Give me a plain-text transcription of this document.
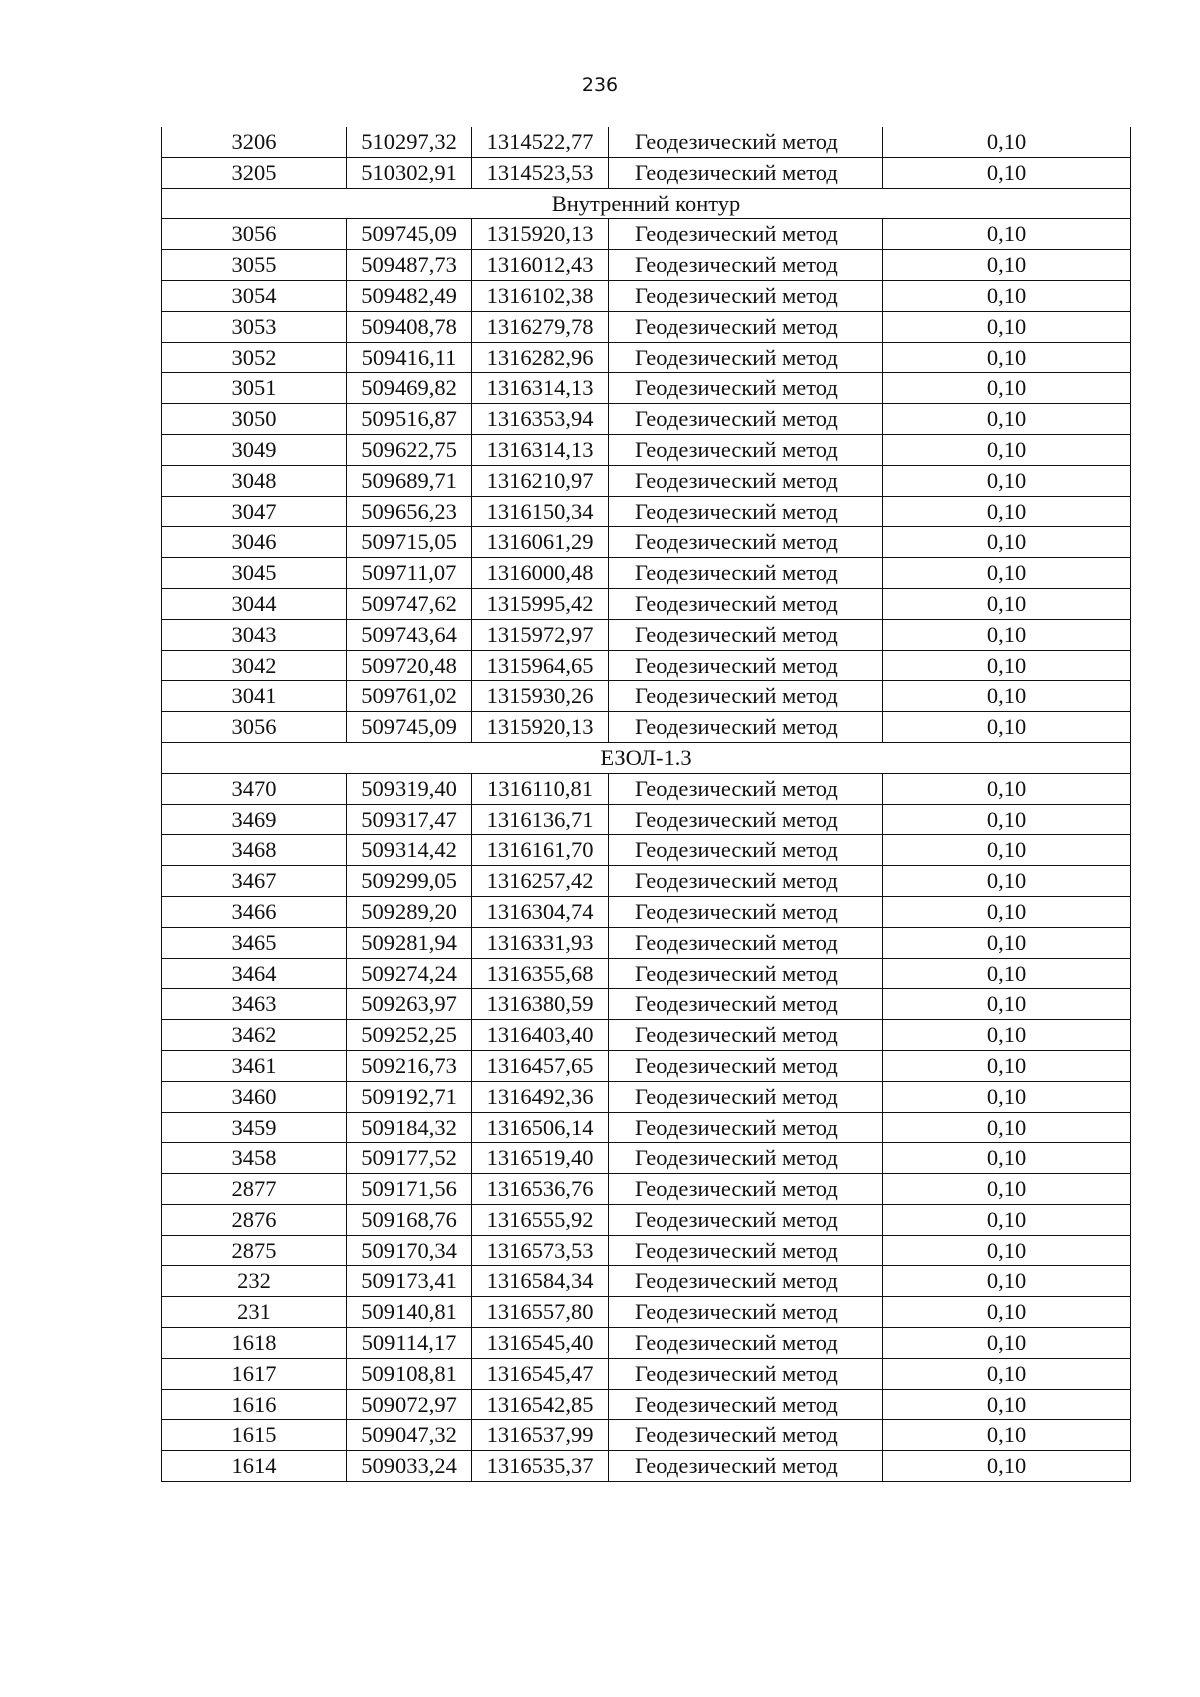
236
3206	510297,32	1314522,77	Геодезический метод	0,10
3205	510302,91	1314523,53	Геодезический метод	0,10
Внутренний контур				
3056	509745,09	1315920,13	Геодезический метод	0,10
3055	509487,73	1316012,43	Геодезический метод	0,10
3054	509482,49	1316102,38	Геодезический метод	0,10
3053	509408,78	1316279,78	Геодезический метод	0,10
3052	509416,11	1316282,96	Геодезический метод	0,10
3051	509469,82	1316314,13	Геодезический метод	0,10
3050	509516,87	1316353,94	Геодезический метод	0,10
3049	509622,75	1316314,13	Геодезический метод	0,10
3048	509689,71	1316210,97	Геодезический метод	0,10
3047	509656,23	1316150,34	Геодезический метод	0,10
3046	509715,05	1316061,29	Геодезический метод	0,10
3045	509711,07	1316000,48	Геодезический метод	0,10
3044	509747,62	1315995,42	Геодезический метод	0,10
3043	509743,64	1315972,97	Геодезический метод	0,10
3042	509720,48	1315964,65	Геодезический метод	0,10
3041	509761,02	1315930,26	Геодезический метод	0,10
3056	509745,09	1315920,13	Геодезический метод	0,10
ЕЗОЛ-1.3				
3470	509319,40	1316110,81	Геодезический метод	0,10
3469	509317,47	1316136,71	Геодезический метод	0,10
3468	509314,42	1316161,70	Геодезический метод	0,10
3467	509299,05	1316257,42	Геодезический метод	0,10
3466	509289,20	1316304,74	Геодезический метод	0,10
3465	509281,94	1316331,93	Геодезический метод	0,10
3464	509274,24	1316355,68	Геодезический метод	0,10
3463	509263,97	1316380,59	Геодезический метод	0,10
3462	509252,25	1316403,40	Геодезический метод	0,10
3461	509216,73	1316457,65	Геодезический метод	0,10
3460	509192,71	1316492,36	Геодезический метод	0,10
3459	509184,32	1316506,14	Геодезический метод	0,10
3458	509177,52	1316519,40	Геодезический метод	0,10
2877	509171,56	1316536,76	Геодезический метод	0,10
2876	509168,76	1316555,92	Геодезический метод	0,10
2875	509170,34	1316573,53	Геодезический метод	0,10
232	509173,41	1316584,34	Геодезический метод	0,10
231	509140,81	1316557,80	Геодезический метод	0,10
1618	509114,17	1316545,40	Геодезический метод	0,10
1617	509108,81	1316545,47	Геодезический метод	0,10
1616	509072,97	1316542,85	Геодезический метод	0,10
1615	509047,32	1316537,99	Геодезический метод	0,10
1614	509033,24	1316535,37	Геодезический метод	0,10
